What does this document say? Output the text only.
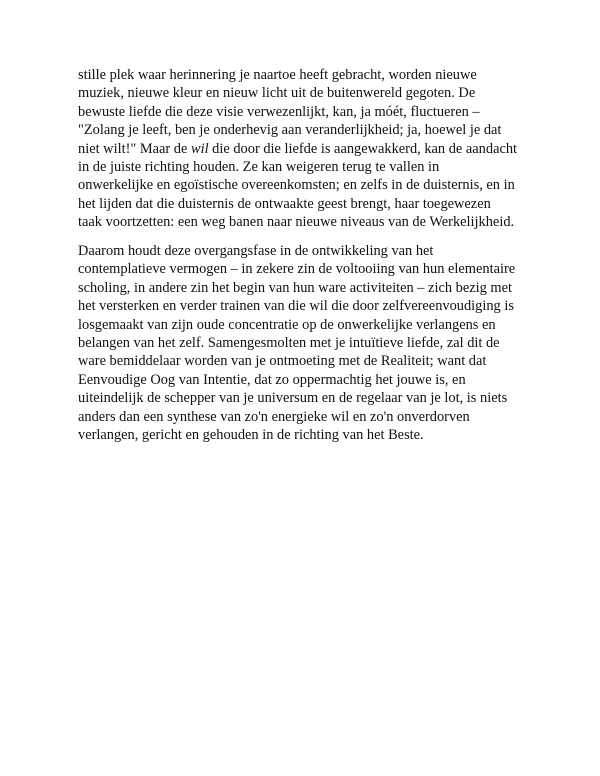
stille plek waar herinnering je naartoe heeft gebracht, worden nieuwe
muziek, nieuwe kleur en nieuw licht uit de buitenwereld gegoten. De
bewuste liefde die deze visie verwezenlijkt, kan, ja móét, fluctueren –
"Zolang je leeft, ben je onderhevig aan veranderlijkheid; ja, hoewel je dat
niet wilt!" Maar de wil die door die liefde is aangewakkerd, kan de aandacht
in de juiste richting houden. Ze kan weigeren terug te vallen in
onwerkelijke en egoïstische overeenkomsten; en zelfs in de duisternis, en in
het lijden dat die duisternis de ontwaakte geest brengt, haar toegewezen
taak voortzetten: een weg banen naar nieuwe niveaus van de Werkelijkheid.
Daarom houdt deze overgangsfase in de ontwikkeling van het
contemplatieve vermogen – in zekere zin de voltooiing van hun elementaire
scholing, in andere zin het begin van hun ware activiteiten – zich bezig met
het versterken en verder trainen van die wil die door zelfvereenvoudiging is
losgemaakt van zijn oude concentratie op de onwerkelijke verlangens en
belangen van het zelf. Samengesmolten met je intuïtieve liefde, zal dit de
ware bemiddelaar worden van je ontmoeting met de Realiteit; want dat
Eenvoudige Oog van Intentie, dat zo oppermachtig het jouwe is, en
uiteindelijk de schepper van je universum en de regelaar van je lot, is niets
anders dan een synthese van zo'n energieke wil en zo'n onverdorven
verlangen, gericht en gehouden in de richting van het Beste.
